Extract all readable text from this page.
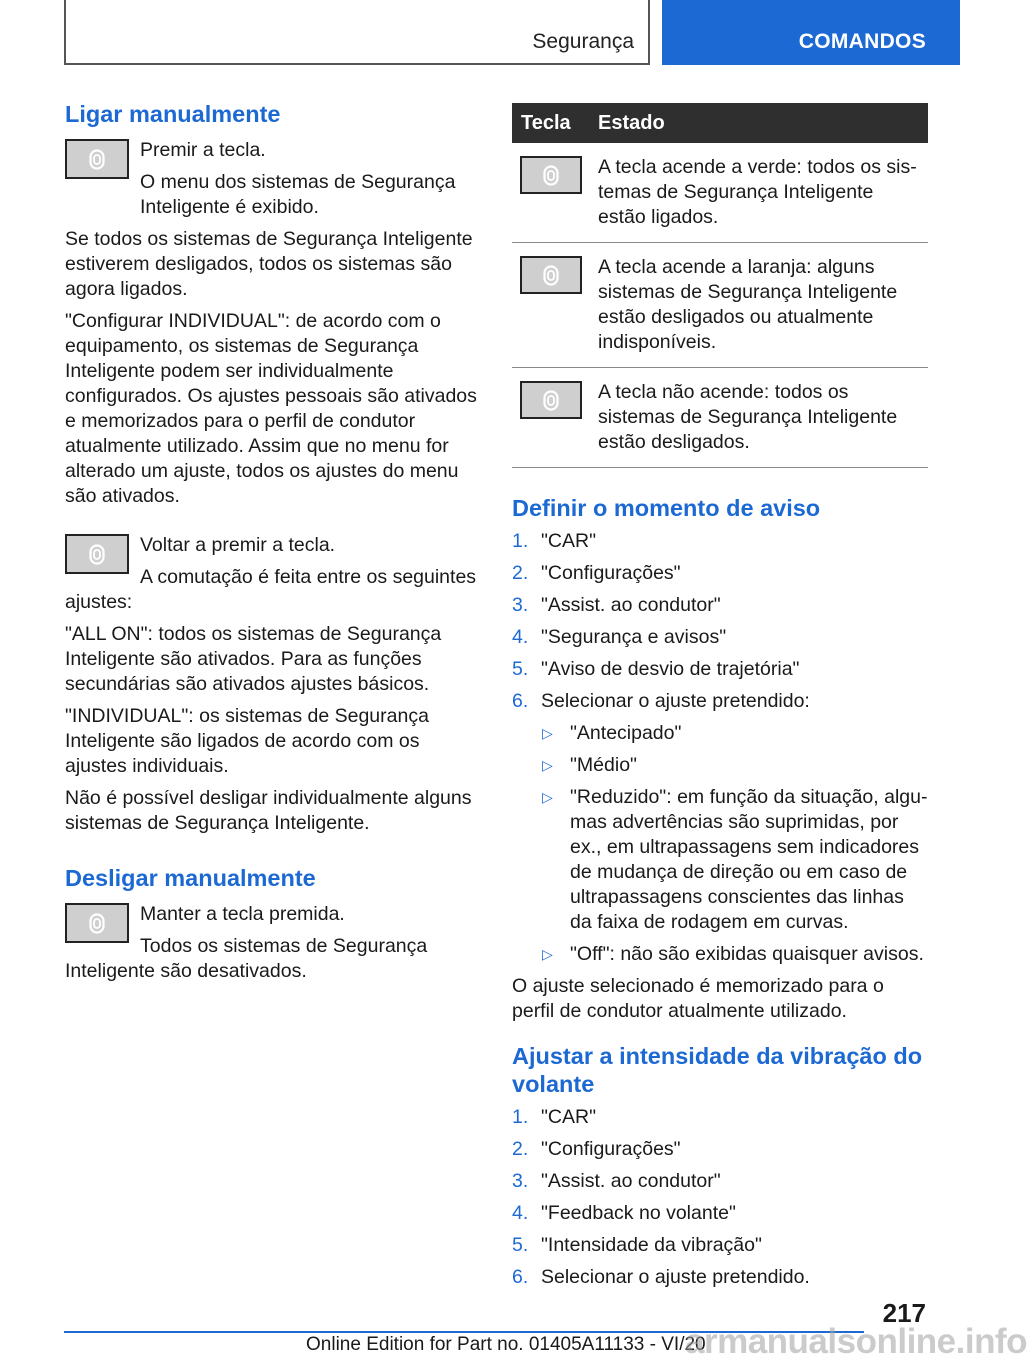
Segurança	COMANDOS
Ligar manualmente

Premir a tecla.

O menu dos sistemas de Segurança Inteligente é exibido.

Se todos os sistemas de Segurança Inteligente estiverem desligados, todos os sistemas são agora ligados.

"Configurar INDIVIDUAL": de acordo com o equipamento, os sistemas de Segurança Inteligente podem ser individualmente configurados. Os ajustes pessoais são ativados e memorizados para o perfil de condutor atualmente utilizado. Assim que no menu for alterado um ajuste, todos os ajustes do menu são ativados.

Voltar a premir a tecla.

A comutação é feita entre os seguintes ajustes:

"ALL ON": todos os sistemas de Segurança Inteligente são ativados. Para as funções secundárias são ativados ajustes básicos.

"INDIVIDUAL": os sistemas de Segurança Inteligente são ligados de acordo com os ajustes individuais.

Não é possível desligar individualmente alguns sistemas de Segurança Inteligente.

Desligar manualmente

Manter a tecla premida.

Todos os sistemas de Segurança Inteligente são desativados.

Tecla	Estado

	A tecla acende a verde: todos os sistemas de Segurança Inteligente estão ligados.

	A tecla acende a laranja: alguns sistemas de Segurança Inteligente estão desligados ou atualmente indisponíveis.

	A tecla não acende: todos os sistemas de Segurança Inteligente estão desligados.
Definir o momento de aviso
1. "CAR"
2. "Configurações"
3. "Assist. ao condutor"
4. "Segurança e avisos"
5. "Aviso de desvio de trajetória"
6. Selecionar o ajuste pretendido:
▷ "Antecipado"
▷ "Médio"
▷ "Reduzido": em função da situação, algumas advertências são suprimidas, por ex., em ultrapassagens sem indicadores de mudança de direção ou em caso de ultrapassagens conscientes das linhas da faixa de rodagem em curvas.
▷ "Off": não são exibidas quaisquer avisos.

O ajuste selecionado é memorizado para o perfil de condutor atualmente utilizado.

Ajustar a intensidade da vibração do volante
1. "CAR"
2. "Configurações"
3. "Assist. ao condutor"
4. "Feedback no volante"
5. "Intensidade da vibração"
6. Selecionar o ajuste pretendido.
217
Online Edition for Part no. 01405A11133 - VI/20
armanualsonline.info
